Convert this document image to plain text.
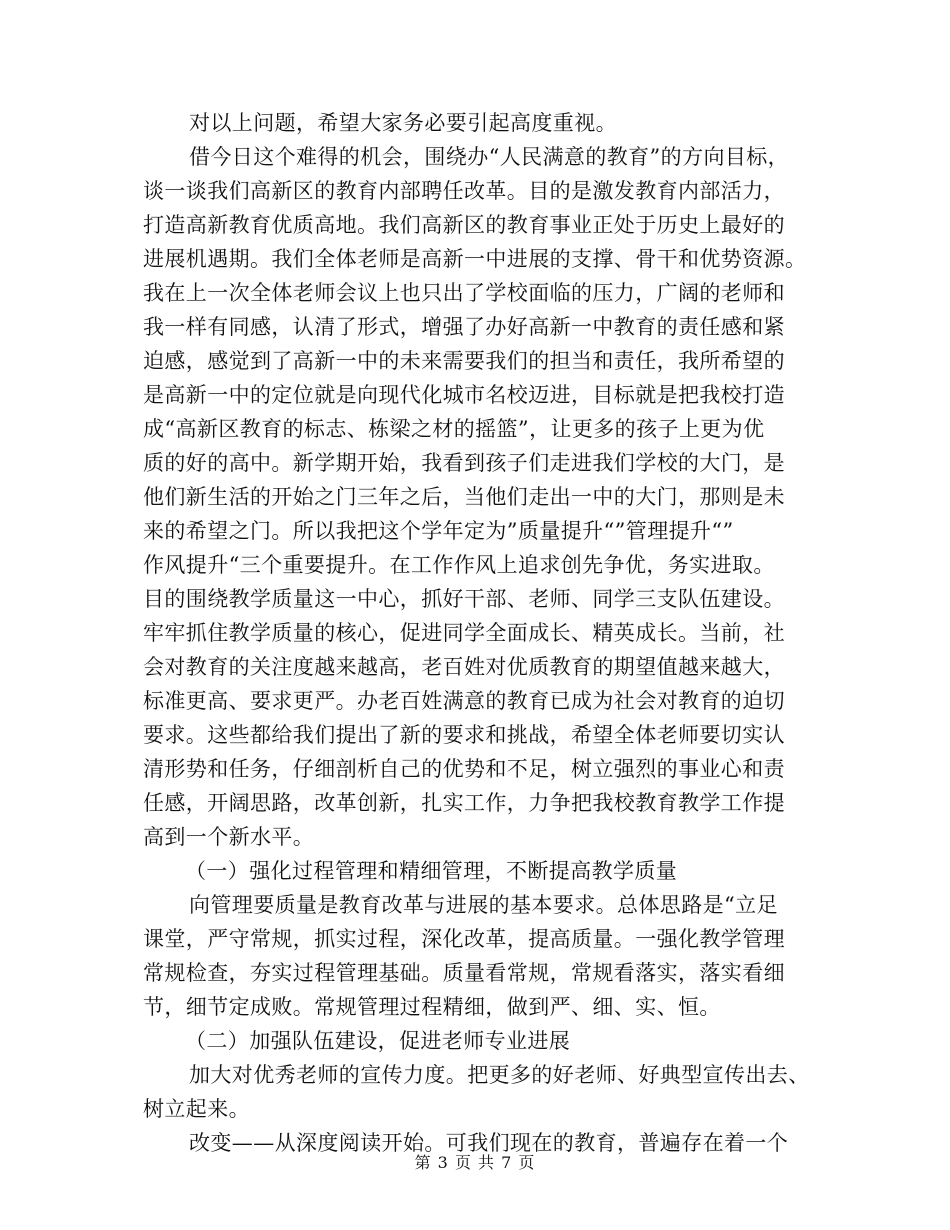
对以上问题，希望大家务必要引起高度重视。
借今日这个难得的机会，围绕办“人民满意的教育”的方向目标，
谈一谈我们高新区的教育内部聘任改革。目的是激发教育内部活力，
打造高新教育优质高地。我们高新区的教育事业正处于历史上最好的
进展机遇期。我们全体老师是高新一中进展的支撑、骨干和优势资源。
我在上一次全体老师会议上也只出了学校面临的压力，广阔的老师和
我一样有同感，认清了形式，增强了办好高新一中教育的责任感和紧
迫感，感觉到了高新一中的未来需要我们的担当和责任，我所希望的
是高新一中的定位就是向现代化城市名校迈进，目标就是把我校打造
成“高新区教育的标志、栋梁之材的摇篮”，让更多的孩子上更为优
质的好的高中。新学期开始，我看到孩子们走进我们学校的大门，是
他们新生活的开始之门三年之后，当他们走出一中的大门，那则是未
来的希望之门。所以我把这个学年定为”质量提升“”管理提升“”
作风提升“三个重要提升。在工作作风上追求创先争优，务实进取。
目的围绕教学质量这一中心，抓好干部、老师、同学三支队伍建设。
牢牢抓住教学质量的核心，促进同学全面成长、精英成长。当前，社
会对教育的关注度越来越高，老百姓对优质教育的期望值越来越大，
标准更高、要求更严。办老百姓满意的教育已成为社会对教育的迫切
要求。这些都给我们提出了新的要求和挑战，希望全体老师要切实认
清形势和任务，仔细剖析自己的优势和不足，树立强烈的事业心和责
任感，开阔思路，改革创新，扎实工作，力争把我校教育教学工作提
高到一个新水平。
（一）强化过程管理和精细管理，不断提高教学质量
向管理要质量是教育改革与进展的基本要求。总体思路是“立足
课堂，严守常规，抓实过程，深化改革，提高质量。一强化教学管理
常规检查，夯实过程管理基础。质量看常规，常规看落实，落实看细
节，细节定成败。常规管理过程精细，做到严、细、实、恒。
（二）加强队伍建设，促进老师专业进展
加大对优秀老师的宣传力度。把更多的好老师、好典型宣传出去、
树立起来。
改变——从深度阅读开始。可我们现在的教育，普遍存在着一个
第 3 页 共 7 页
